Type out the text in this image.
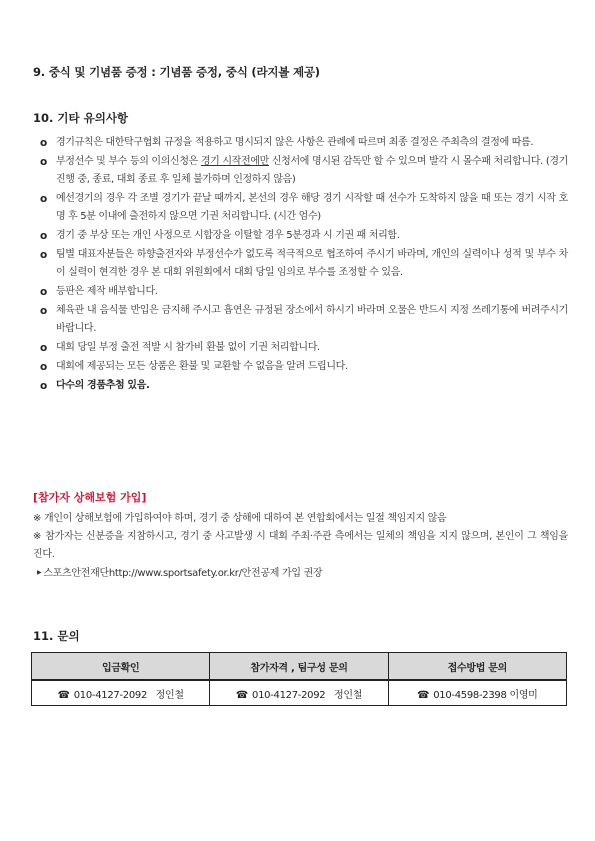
9. 중식 및 기념품 증정 : 기념품 증정, 중식 (라지볼 제공)
10. 기타 유의사항
o 경기규칙은 대한탁구협회 규정을 적용하고 명시되지 않은 사항은 관례에 따르며 최종 결정은 주최측의 결정에 따름.
o 부정선수 및 부수 등의 이의신청은 경기 시작전에만 신청서에 명시된 감독만 할 수 있으며 발각 시 몰수패 처리합니다. (경기 진행 중, 종료, 대회 종료 후 일체 불가하며 인정하지 않음)
o 예선경기의 경우 각 조별 경기가 끝날 때까지, 본선의 경우 해당 경기 시작할 때 선수가 도착하지 않을 때 또는 경기 시작 호명 후 5분 이내에 출전하지 않으면 기권 처리합니다. (시간 엄수)
o 경기 중 부상 또는 개인 사정으로 시합장을 이탈할 경우 5분경과 시 기권 패 처리함.
o 팀별 대표자분들은 하향출전자와 부정선수가 없도록 적극적으로 협조하여 주시기 바라며, 개인의 실력이나 성적 및 부수 차이 실력이 현격한 경우 본 대회 위원회에서 대회 당일 임의로 부수를 조정할 수 있음.
o 등판은 제작 배부합니다.
o 체육관 내 음식물 반입은 금지해 주시고 흡연은 규정된 장소에서 하시기 바라며 오물은 반드시 지정 쓰레기통에 버려주시기 바랍니다.
o 대회 당일 부정 출전 적발 시 참가비 환불 없이 기권 처리합니다.
o 대회에 제공되는 모든 상품은 환불 및 교환할 수 없음을 알려 드립니다.
o 다수의 경품추첨 있음.
[참가자 상해보험 가입]

※ 개인이 상해보험에 가입하여야 하며, 경기 중 상해에 대하여 본 연합회에서는 일절 책임지지 않음

※ 참가자는 신분증을 지참하시고, 경기 중 사고발생 시 대회 주최·주관 측에서는 일체의 책임을 지지 않으며, 본인이 그 책임을 진다.

▶ 스포츠안전재단http://www.sportsafety.or.kr/안전공제 가입 권장

11. 문의
입금확인	참가자격 , 팀구성 문의	접수방법 문의
☎ 010-4127-2092 정인철	☎ 010-4127-2092 정인철	☎ 010-4598-2398 이영미
